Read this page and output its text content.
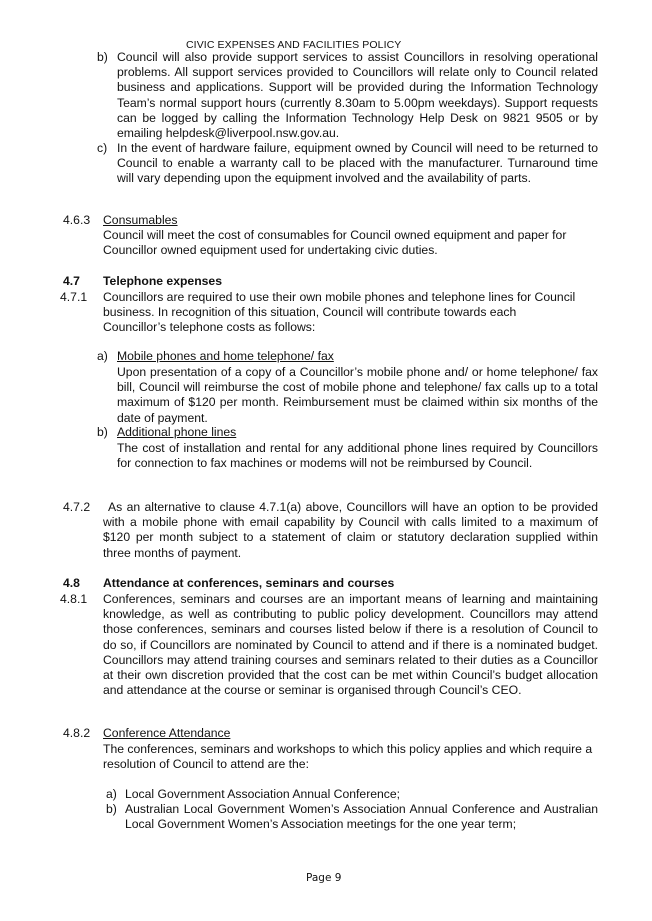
CIVIC EXPENSES AND FACILITIES POLICY
b) Council will also provide support services to assist Councillors in resolving operational problems. All support services provided to Councillors will relate only to Council related business and applications. Support will be provided during the Information Technology Team’s normal support hours (currently 8.30am to 5.00pm weekdays). Support requests can be logged by calling the Information Technology Help Desk on 9821 9505 or by emailing helpdesk@liverpool.nsw.gov.au.
c) In the event of hardware failure, equipment owned by Council will need to be returned to Council to enable a warranty call to be placed with the manufacturer. Turnaround time will vary depending upon the equipment involved and the availability of parts.
4.6.3 Consumables
Council will meet the cost of consumables for Council owned equipment and paper for Councillor owned equipment used for undertaking civic duties.
4.7 Telephone expenses
4.7.1 Councillors are required to use their own mobile phones and telephone lines for Council business. In recognition of this situation, Council will contribute towards each Councillor’s telephone costs as follows:
a) Mobile phones and home telephone/ fax
Upon presentation of a copy of a Councillor’s mobile phone and/ or home telephone/ fax bill, Council will reimburse the cost of mobile phone and telephone/ fax calls up to a total maximum of $120 per month. Reimbursement must be claimed within six months of the date of payment.
b) Additional phone lines
The cost of installation and rental for any additional phone lines required by Councillors for connection to fax machines or modems will not be reimbursed by Council.
4.7.2	As an alternative to clause 4.7.1(a) above, Councillors will have an option to be provided with a mobile phone with email capability by Council with calls limited to a maximum of $120 per month subject to a statement of claim or statutory declaration supplied within three months of payment.
4.8 Attendance at conferences, seminars and courses
4.8.1 Conferences, seminars and courses are an important means of learning and maintaining knowledge, as well as contributing to public policy development. Councillors may attend those conferences, seminars and courses listed below if there is a resolution of Council to do so, if Councillors are nominated by Council to attend and if there is a nominated budget. Councillors may attend training courses and seminars related to their duties as a Councillor at their own discretion provided that the cost can be met within Council’s budget allocation and attendance at the course or seminar is organised through Council’s CEO.
4.8.2 Conference Attendance
The conferences, seminars and workshops to which this policy applies and which require a resolution of Council to attend are the:
a) Local Government Association Annual Conference;
b) Australian Local Government Women’s Association Annual Conference and Australian Local Government Women’s Association meetings for the one year term;
Page 9
